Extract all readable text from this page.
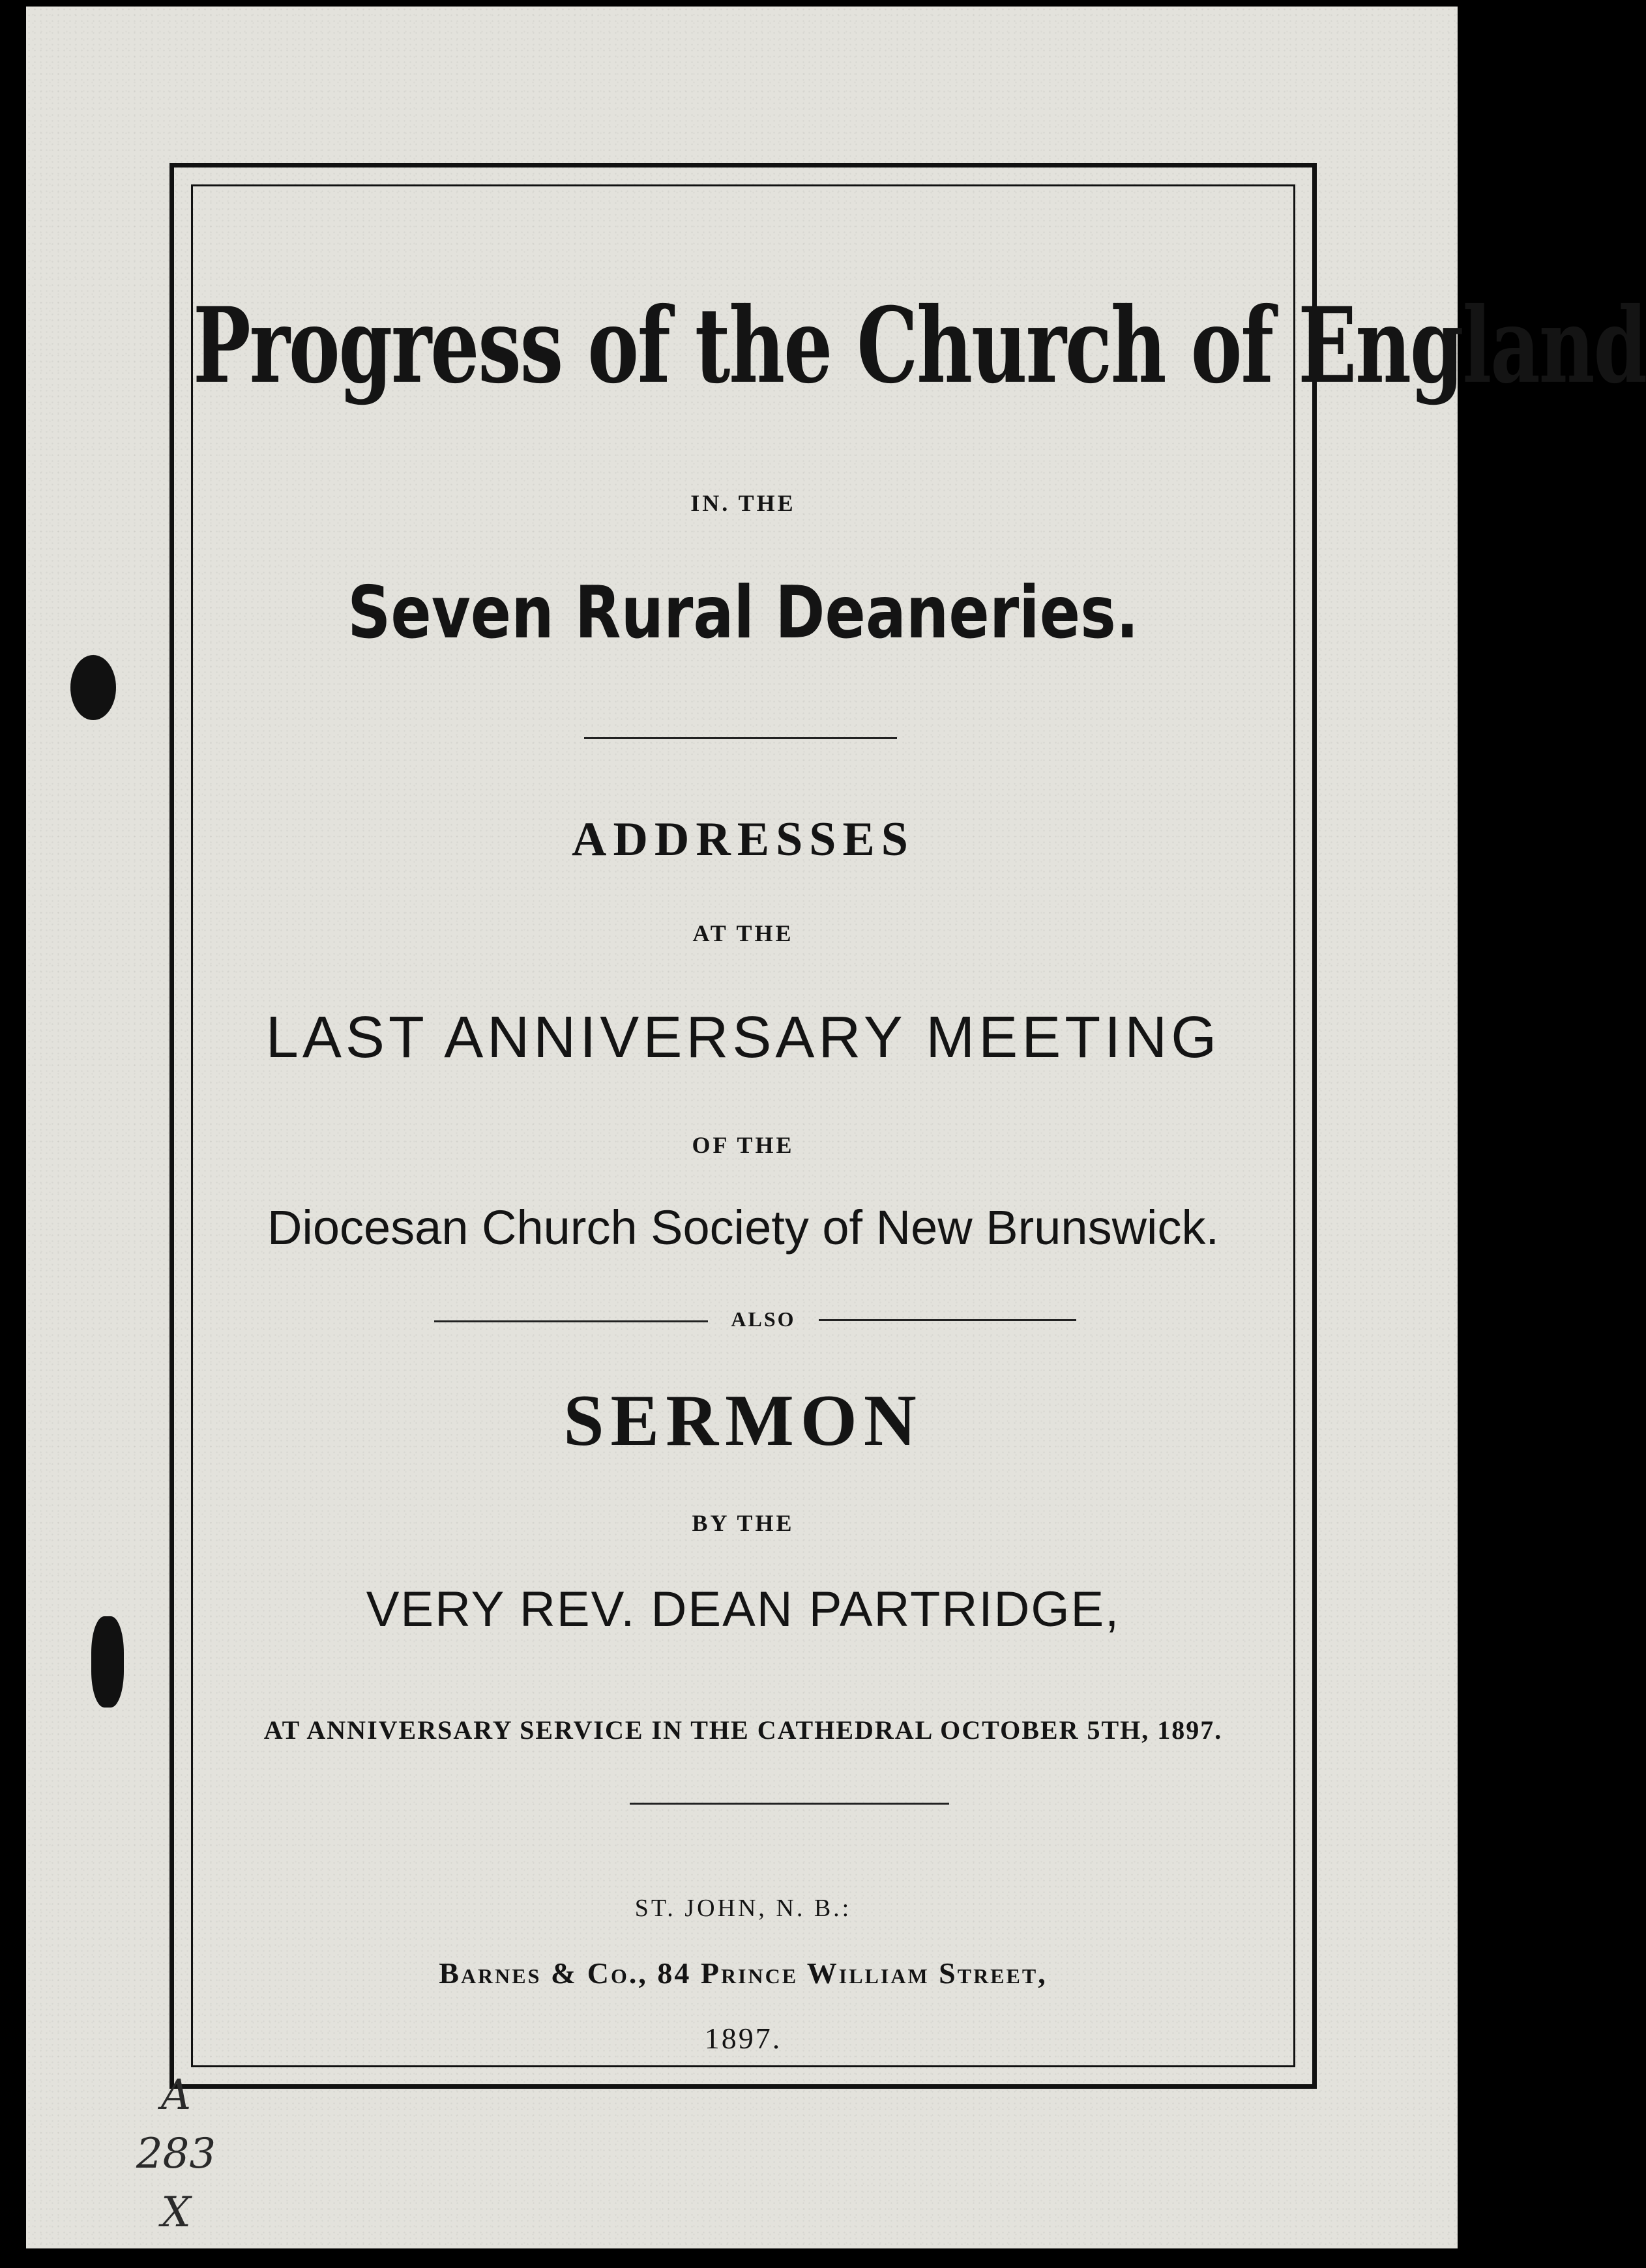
Progress of the Church of England
IN. THE
Seven Rural Deaneries.
ADDRESSES
AT THE
LAST ANNIVERSARY MEETING
OF THE
Diocesan Church Society of New Brunswick.
ALSO
SERMON
BY THE
VERY REV. DEAN PARTRIDGE,
AT ANNIVERSARY SERVICE IN THE CATHEDRAL OCTOBER 5TH, 1897.
ST. JOHN, N. B.:
Barnes & Co., 84 Prince William Street,
1897.
A
283
X
